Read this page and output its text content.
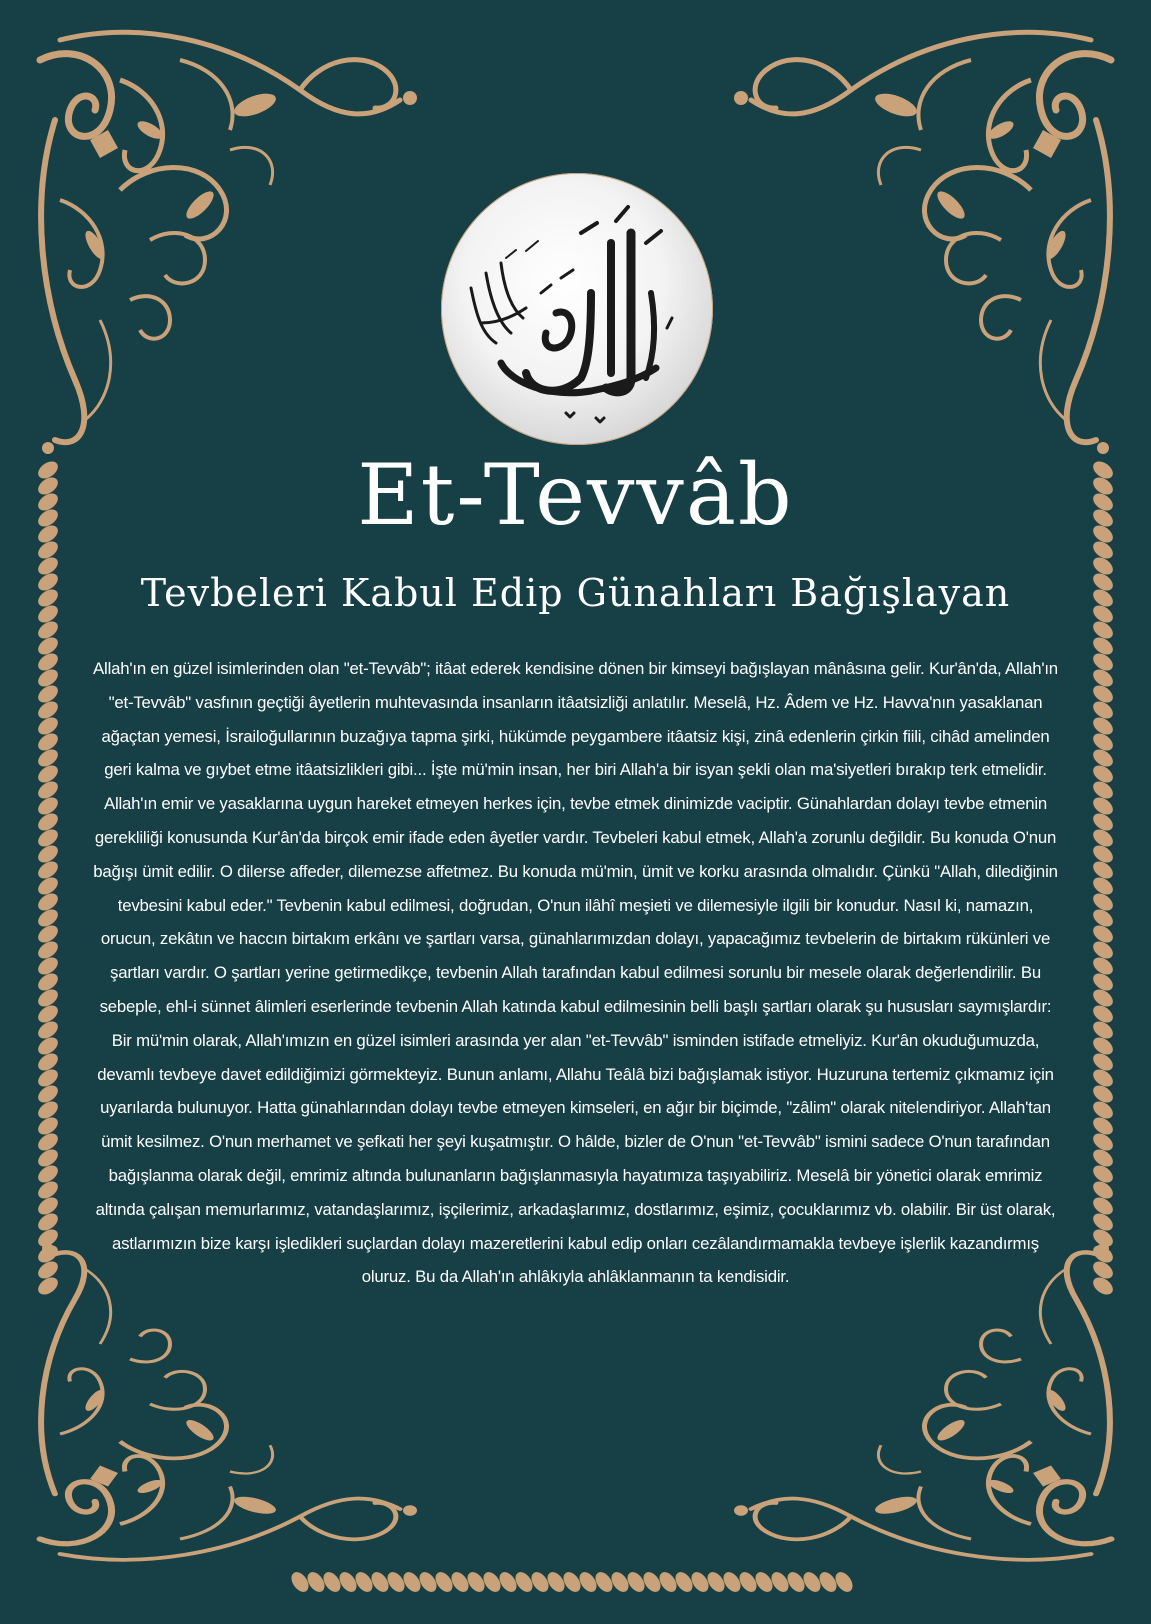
Et-Tevvâb
Tevbeleri Kabul Edip Günahları Bağışlayan

Allah'ın en güzel isimlerinden olan "et-Tevvâb"; itâat ederek kendisine dönen bir kimseyi bağışlayan mânâsına gelir. Kur'ân'da, Allah'ın "et-Tevvâb" vasfının geçtiği âyetlerin muhtevasında insanların itâatsizliği anlatılır. Meselâ, Hz. Âdem ve Hz. Havva'nın yasaklanan ağaçtan yemesi, İsrailoğullarının buzağıya tapma şirki, hükümde peygambere itâatsiz kişi, zinâ edenlerin çirkin fiili, cihâd amelinden geri kalma ve gıybet etme itâatsizlikleri gibi... İşte mü'min insan, her biri Allah'a bir isyan şekli olan ma'siyetleri bırakıp terk etmelidir. Allah'ın emir ve yasaklarına uygun hareket etmeyen herkes için, tevbe etmek dinimizde vaciptir. Günahlardan dolayı tevbe etmenin gerekliliği konusunda Kur'ân'da birçok emir ifade eden âyetler vardır. Tevbeleri kabul etmek, Allah'a zorunlu değildir. Bu konuda O'nun bağışı ümit edilir. O dilerse affeder, dilemezse affetmez. Bu konuda mü'min, ümit ve korku arasında olmalıdır. Çünkü "Allah, dilediğinin tevbesini kabul eder." Tevbenin kabul edilmesi, doğrudan, O'nun ilâhî meşieti ve dilemesiyle ilgili bir konudur. Nasıl ki, namazın, orucun, zekâtın ve haccın birtakım erkânı ve şartları varsa, günahlarımızdan dolayı, yapacağımız tevbelerin de birtakım rükünleri ve şartları vardır. O şartları yerine getirmedikçe, tevbenin Allah tarafından kabul edilmesi sorunlu bir mesele olarak değerlendirilir. Bu sebeple, ehl-i sünnet âlimleri eserlerinde tevbenin Allah katında kabul edilmesinin belli başlı şartları olarak şu hususları saymışlardır:

Bir mü'min olarak, Allah'ımızın en güzel isimleri arasında yer alan "et-Tevvâb" isminden istifade etmeliyiz. Kur'ân okuduğumuzda, devamlı tevbeye davet edildiğimizi görmekteyiz. Bunun anlamı, Allahu Teâlâ bizi bağışlamak istiyor. Huzuruna tertemiz çıkmamız için uyarılarda bulunuyor. Hatta günahlarından dolayı tevbe etmeyen kimseleri, en ağır bir biçimde, "zâlim" olarak nitelendiriyor. Allah'tan ümit kesilmez. O'nun merhamet ve şefkati her şeyi kuşatmıştır. O hâlde, bizler de O'nun "et-Tevvâb" ismini sadece O'nun tarafından bağışlanma olarak değil, emrimiz altında bulunanların bağışlanmasıyla hayatımıza taşıyabiliriz. Meselâ bir yönetici olarak emrimiz altında çalışan memurlarımız, vatandaşlarımız, işçilerimiz, arkadaşlarımız, dostlarımız, eşimiz, çocuklarımız vb. olabilir. Bir üst olarak, astlarımızın bize karşı işledikleri suçlardan dolayı mazeretlerini kabul edip onları cezâlandırmamakla tevbeye işlerlik kazandırmış oluruz. Bu da Allah'ın ahlâkıyla ahlâklanmanın ta kendisidir.
